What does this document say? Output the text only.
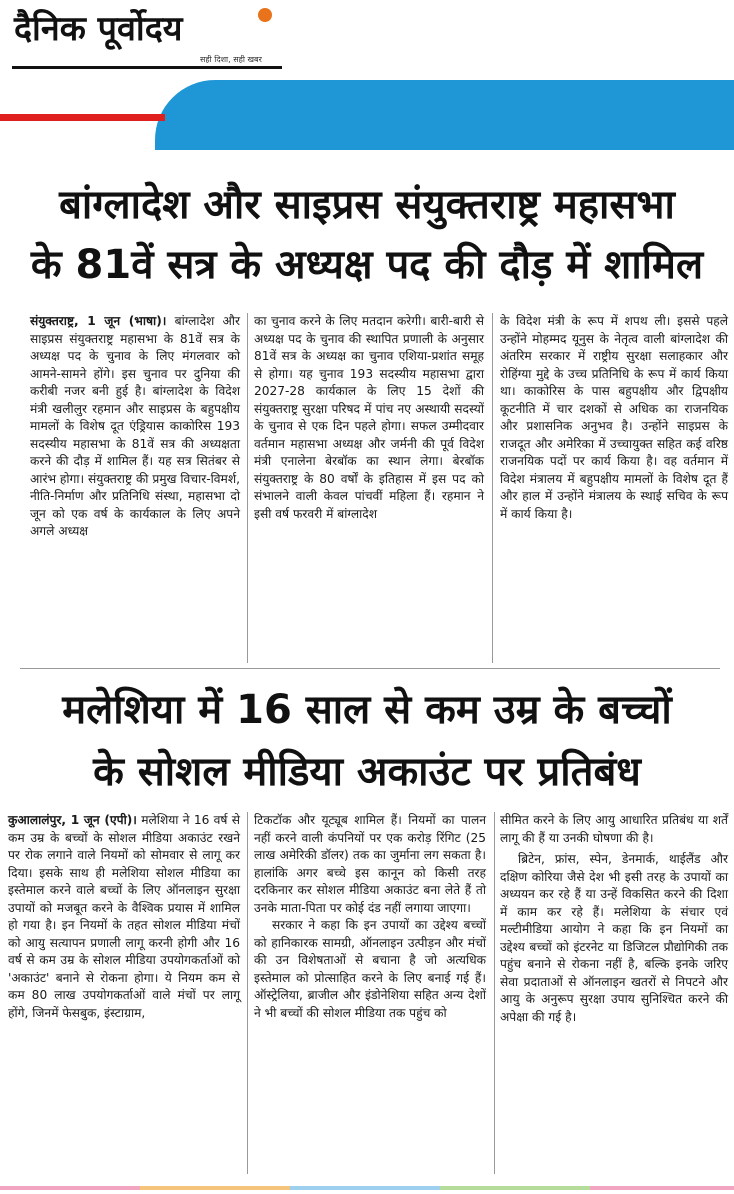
दैनिक पूर्वोदय
सही दिशा, सही खबर
बांग्लादेश और साइप्रस संयुक्तराष्ट्र महासभा
के 81वें सत्र के अध्यक्ष पद की दौड़ में शामिल

संयुक्तराष्ट्र, 1 जून (भाषा)। बांग्लादेश और साइप्रस संयुक्तराष्ट्र महासभा के 81वें सत्र के अध्यक्ष पद के चुनाव के लिए मंगलवार को आमने-सामने होंगे। इस चुनाव पर दुनिया की करीबी नजर बनी हुई है। बांग्लादेश के विदेश मंत्री खलीलुर रहमान और साइप्रस के बहुपक्षीय मामलों के विशेष दूत एंड्रियास काकोरिस 193 सदस्यीय महासभा के 81वें सत्र की अध्यक्षता करने की दौड़ में शामिल हैं। यह सत्र सितंबर से आरंभ होगा। संयुक्तराष्ट्र की प्रमुख विचार-विमर्श, नीति-निर्माण और प्रतिनिधि संस्था, महासभा दो जून को एक वर्ष के कार्यकाल के लिए अपने अगले अध्यक्ष

का चुनाव करने के लिए मतदान करेगी। बारी-बारी से अध्यक्ष पद के चुनाव की स्थापित प्रणाली के अनुसार 81वें सत्र के अध्यक्ष का चुनाव एशिया-प्रशांत समूह से होगा। यह चुनाव 193 सदस्यीय महासभा द्वारा 2027-28 कार्यकाल के लिए 15 देशों की संयुक्तराष्ट्र सुरक्षा परिषद में पांच नए अस्थायी सदस्यों के चुनाव से एक दिन पहले होगा। सफल उम्मीदवार वर्तमान महासभा अध्यक्ष और जर्मनी की पूर्व विदेश मंत्री एनालेना बेरबॉक का स्थान लेगा। बेरबॉक संयुक्तराष्ट्र के 80 वर्षों के इतिहास में इस पद को संभालने वाली केवल पांचवीं महिला हैं। रहमान ने इसी वर्ष फरवरी में बांग्लादेश

के विदेश मंत्री के रूप में शपथ ली। इससे पहले उन्होंने मोहम्मद यूनुस के नेतृत्व वाली बांग्लादेश की अंतरिम सरकार में राष्ट्रीय सुरक्षा सलाहकार और रोहिंग्या मुद्दे के उच्च प्रतिनिधि के रूप में कार्य किया था। काकोरिस के पास बहुपक्षीय और द्विपक्षीय कूटनीति में चार दशकों से अधिक का राजनयिक और प्रशासनिक अनुभव है। उन्होंने साइप्रस के राजदूत और अमेरिका में उच्चायुक्त सहित कई वरिष्ठ राजनयिक पदों पर कार्य किया है। वह वर्तमान में विदेश मंत्रालय में बहुपक्षीय मामलों के विशेष दूत हैं और हाल में उन्होंने मंत्रालय के स्थाई सचिव के रूप में कार्य किया है।

मलेशिया में 16 साल से कम उम्र के बच्चों
के सोशल मीडिया अकाउंट पर प्रतिबंध

कुआलालंपुर, 1 जून (एपी)। मलेशिया ने 16 वर्ष से कम उम्र के बच्चों के सोशल मीडिया अकाउंट रखने पर रोक लगाने वाले नियमों को सोमवार से लागू कर दिया। इसके साथ ही मलेशिया सोशल मीडिया का इस्तेमाल करने वाले बच्चों के लिए ऑनलाइन सुरक्षा उपायों को मजबूत करने के वैश्विक प्रयास में शामिल हो गया है। इन नियमों के तहत सोशल मीडिया मंचों को आयु सत्यापन प्रणाली लागू करनी होगी और 16 वर्ष से कम उम्र के सोशल मीडिया उपयोगकर्ताओं को 'अकाउंट' बनाने से रोकना होगा। ये नियम कम से कम 80 लाख उपयोगकर्ताओं वाले मंचों पर लागू होंगे, जिनमें फेसबुक, इंस्टाग्राम,

टिकटॉक और यूट्यूब शामिल हैं। नियमों का पालन नहीं करने वाली कंपनियों पर एक करोड़ रिंगिट (25 लाख अमेरिकी डॉलर) तक का जुर्माना लग सकता है। हालांकि अगर बच्चे इस कानून को किसी तरह दरकिनार कर सोशल मीडिया अकाउंट बना लेते हैं तो उनके माता-पिता पर कोई दंड नहीं लगाया जाएगा।

सरकार ने कहा कि इन उपायों का उद्देश्य बच्चों को हानिकारक सामग्री, ऑनलाइन उत्पीड़न और मंचों की उन विशेषताओं से बचाना है जो अत्यधिक इस्तेमाल को प्रोत्साहित करने के लिए बनाई गई हैं। ऑस्ट्रेलिया, ब्राजील और इंडोनेशिया सहित अन्य देशों ने भी बच्चों की सोशल मीडिया तक पहुंच को

सीमित करने के लिए आयु आधारित प्रतिबंध या शर्तें लागू की हैं या उनकी घोषणा की है।

ब्रिटेन, फ्रांस, स्पेन, डेनमार्क, थाईलैंड और दक्षिण कोरिया जैसे देश भी इसी तरह के उपायों का अध्ययन कर रहे हैं या उन्हें विकसित करने की दिशा में काम कर रहे हैं। मलेशिया के संचार एवं मल्टीमीडिया आयोग ने कहा कि इन नियमों का उद्देश्य बच्चों को इंटरनेट या डिजिटल प्रौद्योगिकी तक पहुंच बनाने से रोकना नहीं है, बल्कि इनके जरिए सेवा प्रदाताओं से ऑनलाइन खतरों से निपटने और आयु के अनुरूप सुरक्षा उपाय सुनिश्चित करने की अपेक्षा की गई है।
